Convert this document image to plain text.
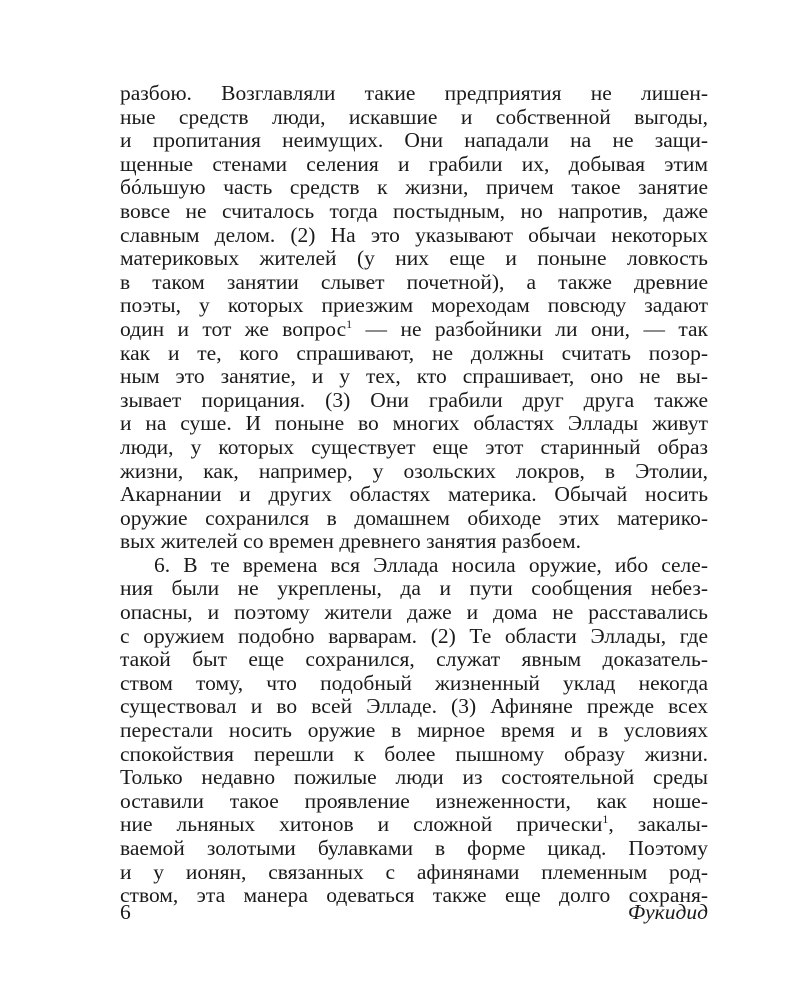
разбою. Возглавляли такие предприятия не лишен-
ные средств люди, искавшие и собственной выгоды,
и пропитания неимущих. Они нападали на не защи-
щенные стенами селения и грабили их, добывая этим
бóльшую часть средств к жизни, причем такое занятие
вовсе не считалось тогда постыдным, но напротив, даже
славным делом. (2) На это указывают обычаи некоторых
материковых жителей (у них еще и поныне ловкость
в таком занятии слывет почетной), а также древние
поэты, у которых приезжим мореходам повсюду задают
один и тот же вопрос$^1$ — не разбойники ли они, — так
как и те, кого спрашивают, не должны считать позор-
ным это занятие, и у тех, кто спрашивает, оно не вы-
зывает порицания. (3) Они грабили друг друга также
и на суше. И поныне во многих областях Эллады живут
люди, у которых существует еще этот старинный образ
жизни, как, например, у озольских локров, в Этолии,
Акарнании и других областях материка. Обычай носить
оружие сохранился в домашнем обиходе этих материко-
вых жителей со времен древнего занятия разбоем.
6. В те времена вся Эллада носила оружие, ибо селе-
ния были не укреплены, да и пути сообщения небез-
опасны, и поэтому жители даже и дома не расставались
с оружием подобно варварам. (2) Те области Эллады, где
такой быт еще сохранился, служат явным доказатель-
ством тому, что подобный жизненный уклад некогда
существовал и во всей Элладе. (3) Афиняне прежде всех
перестали носить оружие в мирное время и в условиях
спокойствия перешли к более пышному образу жизни.
Только недавно пожилые люди из состоятельной среды
оставили такое проявление изнеженности, как ноше-
ние льняных хитонов и сложной прически$^1$, закалы-
ваемой золотыми булавками в форме цикад. Поэтому
и у ионян, связанных с афинянами племенным род-
ством, эта манера одеваться также еще долго сохраня-
6	Фукидид
